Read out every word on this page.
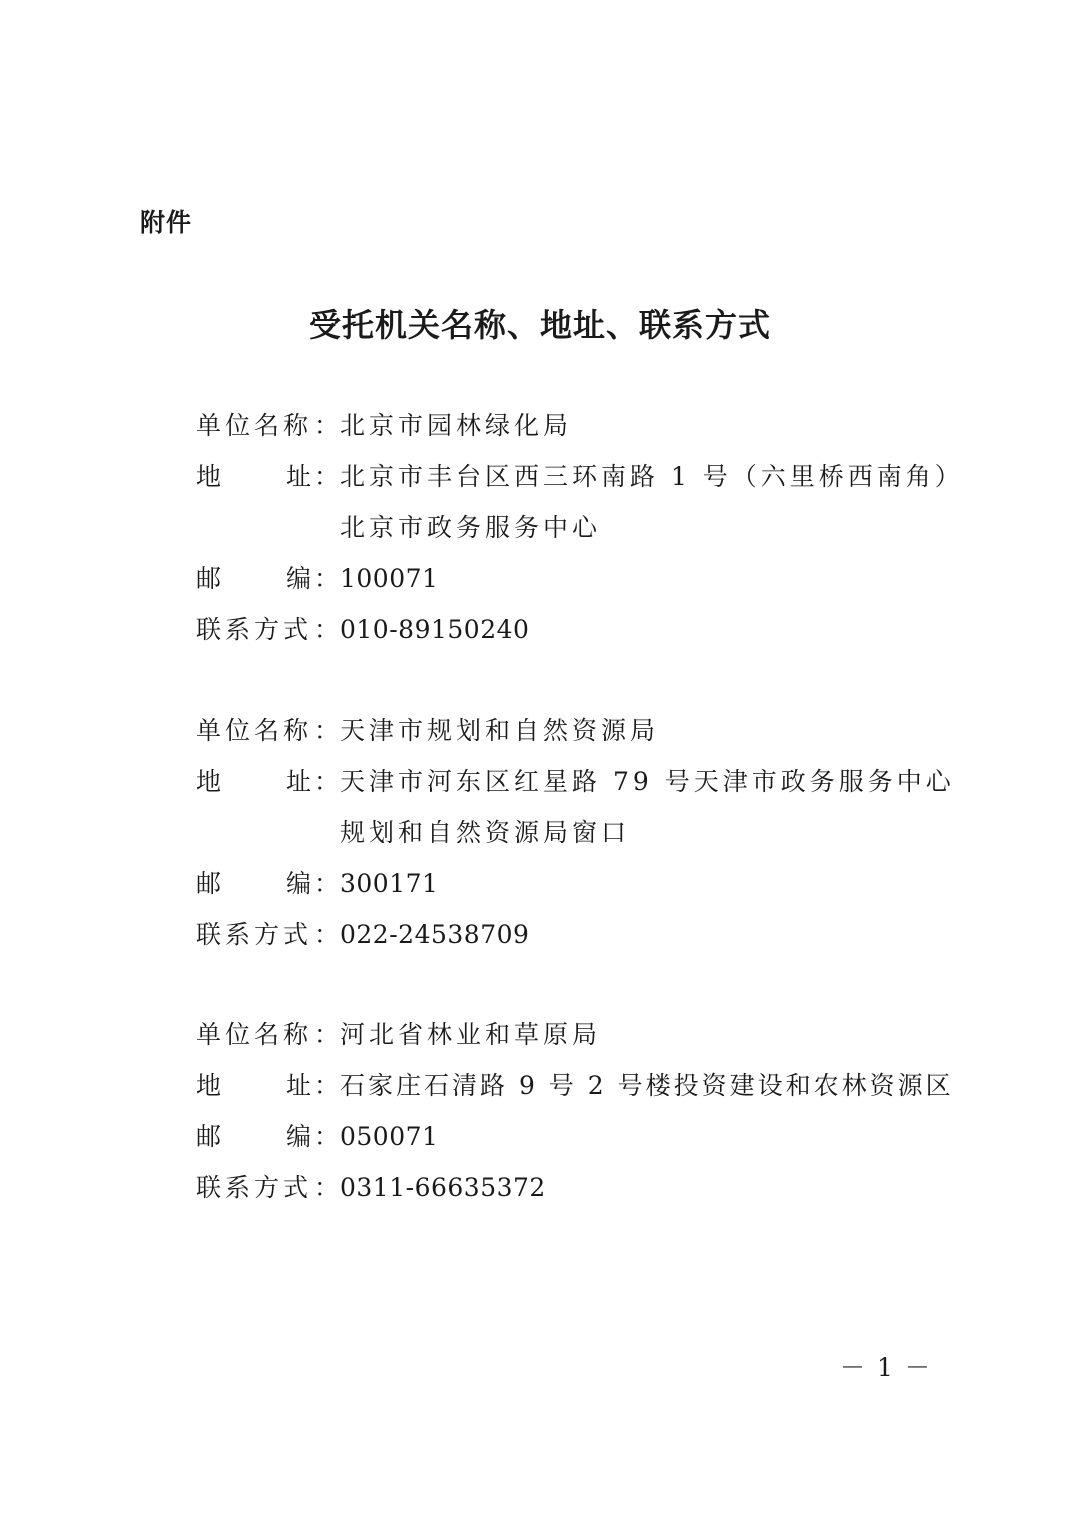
附件
受托机关名称、地址、联系方式
单位名称 ： 北京市园林绿化局
地	址 ： 北京市丰台区西三环南路 1 号（六里桥西南角）
北京市政务服务中心
邮	编 ： 100071
联系方式 ： 010-89150240
单位名称 ： 天津市规划和自然资源局
地	址 ： 天津市河东区红星路 79 号天津市政务服务中心
规划和自然资源局窗口
邮	编 ： 300171
联系方式 ： 022-24538709
单位名称 ： 河北省林业和草原局
地	址 ： 石家庄石清路 9 号 2 号楼投资建设和农林资源区
邮	编 ： 050071
联系方式 ： 0311-66635372
－1－
